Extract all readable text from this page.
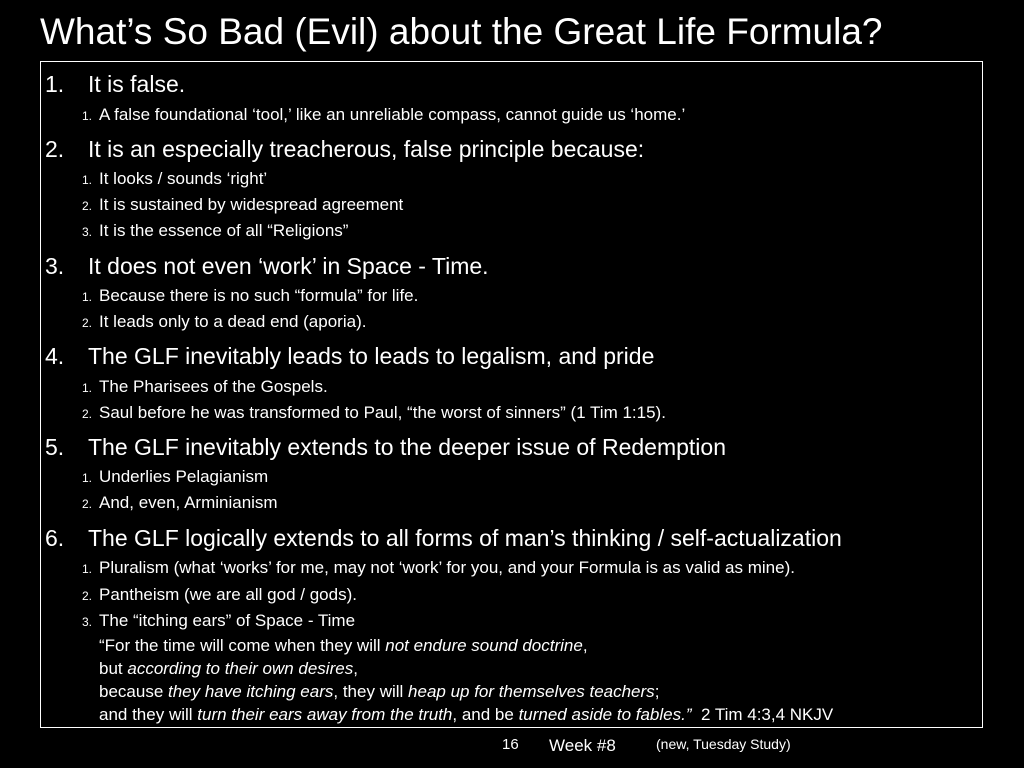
What’s So Bad (Evil) about the Great Life Formula?
1. It is false.
1. A false foundational ‘tool,’ like an unreliable compass, cannot guide us ‘home.’
2. It is an especially treacherous, false principle because:
1. It looks / sounds ‘right’
2. It is sustained by widespread agreement
3. It is the essence of all “Religions”
3. It does not even ‘work’ in Space - Time.
1. Because there is no such “formula” for life.
2. It leads only to a dead end (aporia).
4. The GLF inevitably leads to leads to legalism, and pride
1. The Pharisees of the Gospels.
2. Saul before he was transformed to Paul, “the worst of sinners” (1 Tim 1:15).
5. The GLF inevitably extends to the deeper issue of Redemption
1. Underlies Pelagianism
2. And, even, Arminianism
6. The GLF logically extends to all forms of man’s thinking / self-actualization
1. Pluralism (what ‘works’ for me, may not ‘work’ for you, and your Formula is as valid as mine).
2. Pantheism (we are all god / gods).
3. The “itching ears” of Space - Time
“For the time will come when they will not endure sound doctrine,
but according to their own desires,
because they have itching ears, they will heap up for themselves teachers;
and they will turn their ears away from the truth, and be turned aside to fables.”  2 Tim 4:3,4 NKJV
16 Week #8	(new, Tuesday Study)
